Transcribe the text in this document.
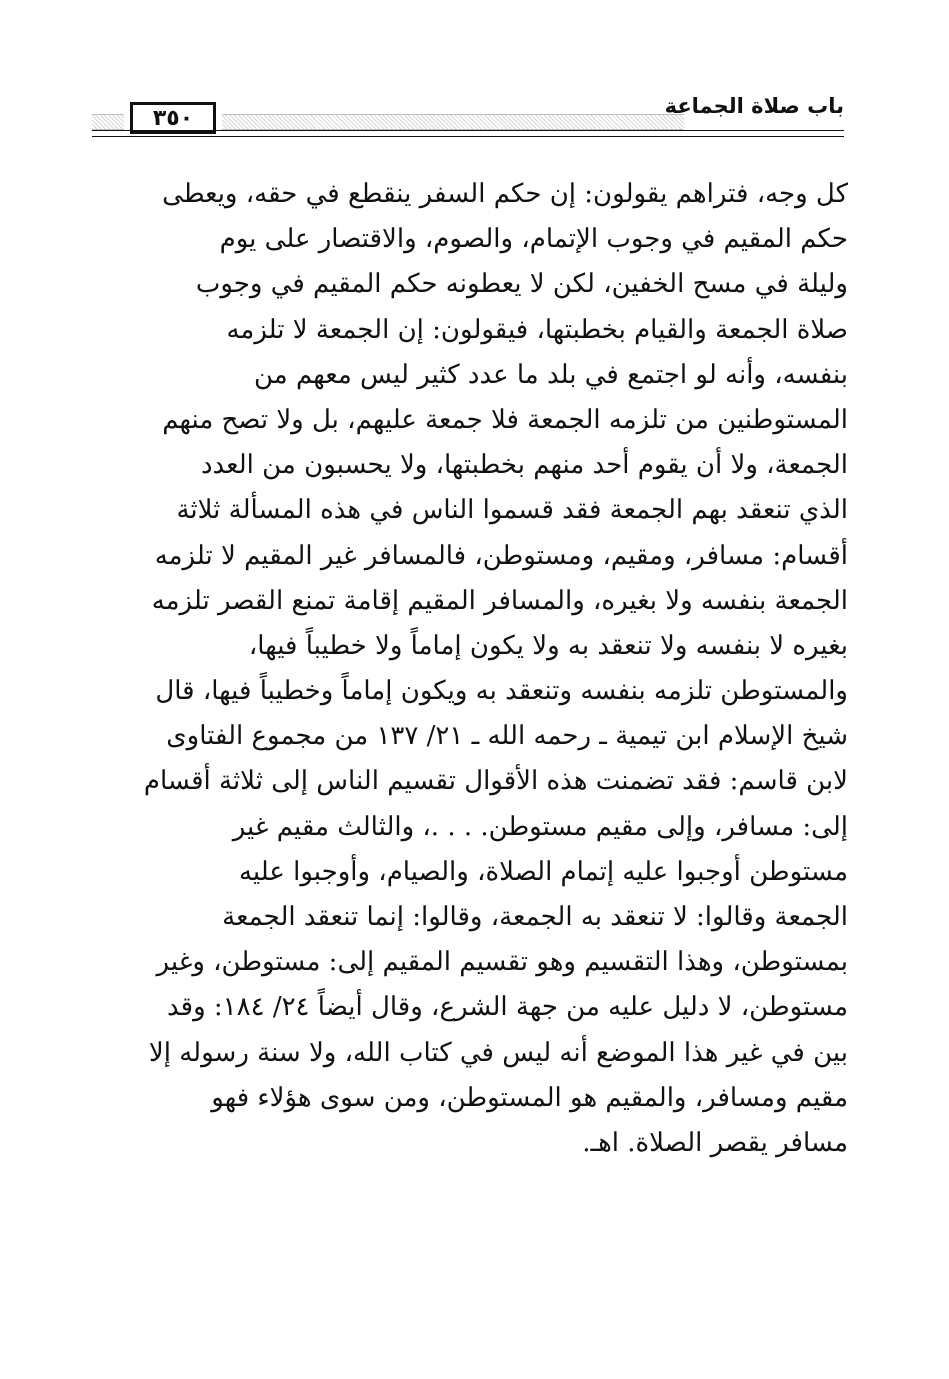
٣٥٠	باب صلاة الجماعة
كل وجه، فتراهم يقولون: إن حكم السفر ينقطع في حقه، ويعطى
حكم المقيم في وجوب الإتمام، والصوم، والاقتصار على يوم
وليلة في مسح الخفين، لكن لا يعطونه حكم المقيم في وجوب
صلاة الجمعة والقيام بخطبتها، فيقولون: إن الجمعة لا تلزمه
بنفسه، وأنه لو اجتمع في بلد ما عدد كثير ليس معهم من
المستوطنين من تلزمه الجمعة فلا جمعة عليهم، بل ولا تصح منهم
الجمعة، ولا أن يقوم أحد منهم بخطبتها، ولا يحسبون من العدد
الذي تنعقد بهم الجمعة فقد قسموا الناس في هذه المسألة ثلاثة
أقسام: مسافر، ومقيم، ومستوطن، فالمسافر غير المقيم لا تلزمه
الجمعة بنفسه ولا بغيره، والمسافر المقيم إقامة تمنع القصر تلزمه
بغيره لا بنفسه ولا تنعقد به ولا يكون إماماً ولا خطيباً فيها،
والمستوطن تلزمه بنفسه وتنعقد به ويكون إماماً وخطيباً فيها، قال
شيخ الإسلام ابن تيمية ـ رحمه الله ـ ٢١/ ١٣٧ من مجموع الفتاوى
لابن قاسم: فقد تضمنت هذه الأقوال تقسيم الناس إلى ثلاثة أقسام
إلى: مسافر، وإلى مقيم مستوطن. . . .، والثالث مقيم غير
مستوطن أوجبوا عليه إتمام الصلاة، والصيام، وأوجبوا عليه
الجمعة وقالوا: لا تنعقد به الجمعة، وقالوا: إنما تنعقد الجمعة
بمستوطن، وهذا التقسيم وهو تقسيم المقيم إلى: مستوطن، وغير
مستوطن، لا دليل عليه من جهة الشرع، وقال أيضاً ٢٤/ ١٨٤: وقد
بين في غير هذا الموضع أنه ليس في كتاب الله، ولا سنة رسوله إلا
مقيم ومسافر، والمقيم هو المستوطن، ومن سوى هؤلاء فهو
مسافر يقصر الصلاة. اهـ.
